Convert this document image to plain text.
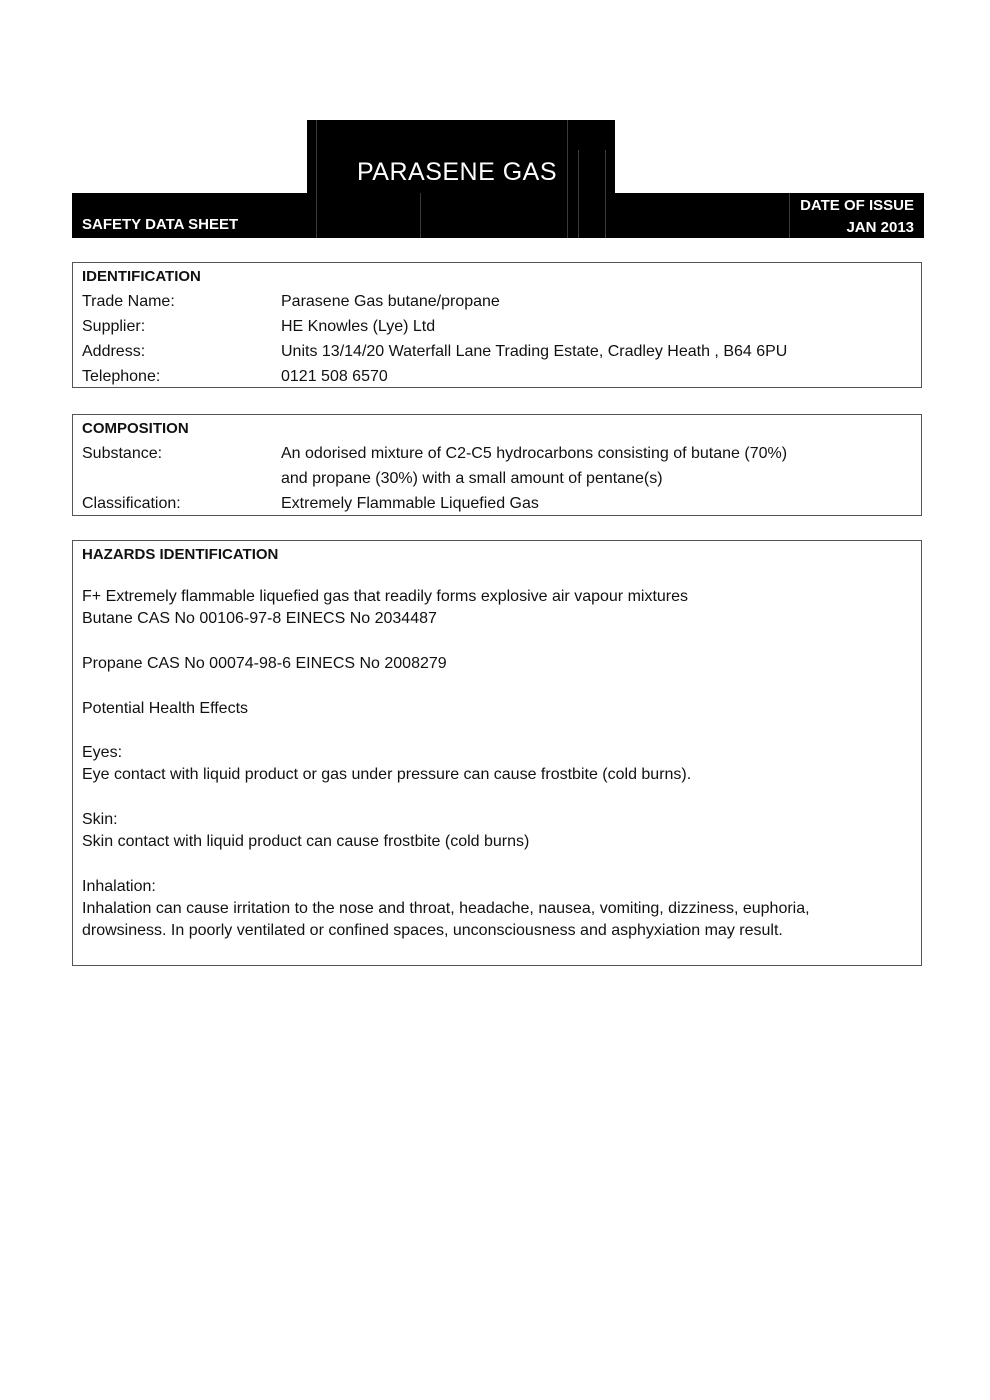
PARASENE GAS
SAFETY DATA SHEET
DATE OF ISSUE
JAN 2013
IDENTIFICATION
Trade Name:	Parasene Gas butane/propane
Supplier:	HE Knowles (Lye) Ltd
Address:	Units 13/14/20 Waterfall Lane Trading Estate, Cradley Heath , B64 6PU
Telephone:	0121 508 6570
COMPOSITION
Substance:	An odorised mixture of C2-C5 hydrocarbons consisting of butane (70%)
and propane (30%) with a small amount of pentane(s)
Classification:	Extremely Flammable Liquefied Gas
HAZARDS IDENTIFICATION
F+ Extremely flammable liquefied gas that readily forms explosive air vapour mixtures
Butane CAS No 00106-97-8 EINECS No 2034487
Propane CAS No 00074-98-6 EINECS No 2008279
Potential Health Effects
Eyes:
Eye contact with liquid product or gas under pressure can cause frostbite (cold burns).
Skin:
Skin contact with liquid product can cause frostbite (cold burns)
Inhalation:
Inhalation can cause irritation to the nose and throat, headache, nausea, vomiting, dizziness, euphoria,
drowsiness. In poorly ventilated or confined spaces, unconsciousness and asphyxiation may result.
